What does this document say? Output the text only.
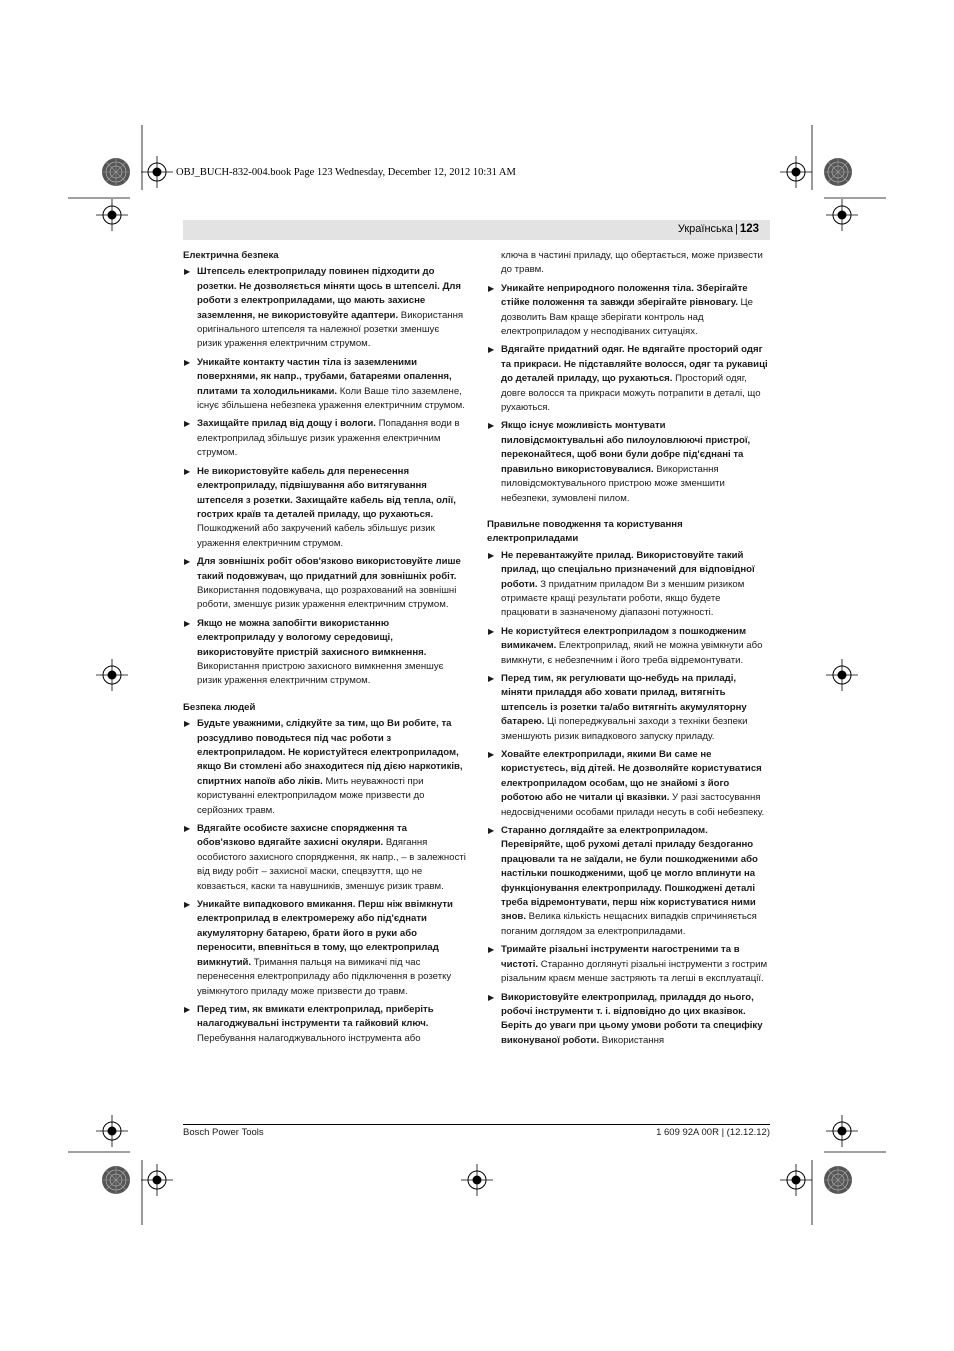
OBJ_BUCH-832-004.book Page 123 Wednesday, December 12, 2012 10:31 AM
Українська | 123
Електрична безпека
▶ Штепсель електроприладу повинен підходити до розетки. Не дозволяється міняти щось в штепселі. Для роботи з електроприладами, що мають захисне заземлення, не використовуйте адаптери. Використання оригінального штепселя та належної розетки зменшує ризик ураження електричним струмом.
▶ Уникайте контакту частин тіла із заземленими поверхнями, як напр., трубами, батареями опалення, плитами та холодильниками. Коли Ваше тіло заземлене, існує збільшена небезпека ураження електричним струмом.
▶ Захищайте прилад від дощу і вологи. Попадання води в електроприлад збільшує ризик ураження електричним струмом.
▶ Не використовуйте кабель для перенесення електроприладу, підвішування або витягування штепселя з розетки. Захищайте кабель від тепла, олії, гострих країв та деталей приладу, що рухаються. Пошкоджений або закручений кабель збільшує ризик ураження електричним струмом.
▶ Для зовнішніх робіт обов'язково використовуйте лише такий подовжувач, що придатний для зовнішніх робіт. Використання подовжувача, що розрахований на зовнішні роботи, зменшує ризик ураження електричним струмом.
▶ Якщо не можна запобігти використанню електроприладу у вологому середовищі, використовуйте пристрій захисного вимкнення. Використання пристрою захисного вимкнення зменшує ризик ураження електричним струмом.
Безпека людей
▶ Будьте уважними, слідкуйте за тим, що Ви робите, та розсудливо поводьтеся під час роботи з електроприладом. Не користуйтеся електроприладом, якщо Ви стомлені або знаходитеся під дією наркотиків, спиртних напоїв або ліків. Мить неуважності при користуванні електроприладом може призвести до серйозних травм.
▶ Вдягайте особисте захисне спорядження та обов'язково вдягайте захисні окуляри. Вдягання особистого захисного спорядження, як напр., – в залежності від виду робіт – захисної маски, спецвзуття, що не ковзається, каски та навушників, зменшує ризик травм.
▶ Уникайте випадкового вмикання. Перш ніж ввімкнути електроприлад в електромережу або під'єднати акумуляторну батарею, брати його в руки або переносити, впевніться в тому, що електроприлад вимкнутий. Тримання пальця на вимикачі під час перенесення електроприладу або підключення в розетку увімкнутого приладу може призвести до травм.
▶ Перед тим, як вмикати електроприлад, приберіть налагоджувальні інструменти та гайковий ключ. Перебування налагоджувального інструмента або
ключа в частині приладу, що обертається, може призвести до травм.
▶ Уникайте неприродного положення тіла. Зберігайте стійке положення та завжди зберігайте рівновагу. Це дозволить Вам краще зберігати контроль над електроприладом у несподіваних ситуаціях.
▶ Вдягайте придатний одяг. Не вдягайте просторий одяг та прикраси. Не підставляйте волосся, одяг та рукавиці до деталей приладу, що рухаються. Просторий одяг, довге волосся та прикраси можуть потрапити в деталі, що рухаються.
▶ Якщо існує можливість монтувати пиловідсмоктувальні або пилоуловлюючі пристрої, переконайтеся, щоб вони були добре під'єднані та правильно використовувалися. Використання пиловідсмоктувального пристрою може зменшити небезпеки, зумовлені пилом.
Правильне поводження та користування електроприладами
▶ Не перевантажуйте прилад. Використовуйте такий прилад, що спеціально призначений для відповідної роботи. З придатним приладом Ви з меншим ризиком отримаєте кращі результати роботи, якщо будете працювати в зазначеному діапазоні потужності.
▶ Не користуйтеся електроприладом з пошкодженим вимикачем. Електроприлад, який не можна увімкнути або вимкнути, є небезпечним і його треба відремонтувати.
▶ Перед тим, як регулювати що-небудь на приладі, міняти приладдя або ховати прилад, витягніть штепсель із розетки та/або витягніть акумуляторну батарею. Ці попереджувальні заходи з техніки безпеки зменшують ризик випадкового запуску приладу.
▶ Ховайте електроприлади, якими Ви саме не користуєтесь, від дітей. Не дозволяйте користуватися електроприладом особам, що не знайомі з його роботою або не читали ці вказівки. У разі застосування недосвідченими особами прилади несуть в собі небезпеку.
▶ Старанно доглядайте за електроприладом. Перевіряйте, щоб рухомі деталі приладу бездоганно працювали та не заїдали, не були пошкодженими або настільки пошкодженими, щоб це могло вплинути на функціонування електроприладу. Пошкоджені деталі треба відремонтувати, перш ніж користуватися ними знов. Велика кількість нещасних випадків спричиняється поганим доглядом за електроприладами.
▶ Тримайте різальні інструменти нагостреними та в чистоті. Старанно доглянуті різальні інструменти з гострим різальним краєм менше застряють та легші в експлуатації.
▶ Використовуйте електроприлад, приладдя до нього, робочі інструменти т. і. відповідно до цих вказівок. Беріть до уваги при цьому умови роботи та специфіку виконуваної роботи. Використання
Bosch Power Tools	1 609 92A 00R | (12.12.12)
